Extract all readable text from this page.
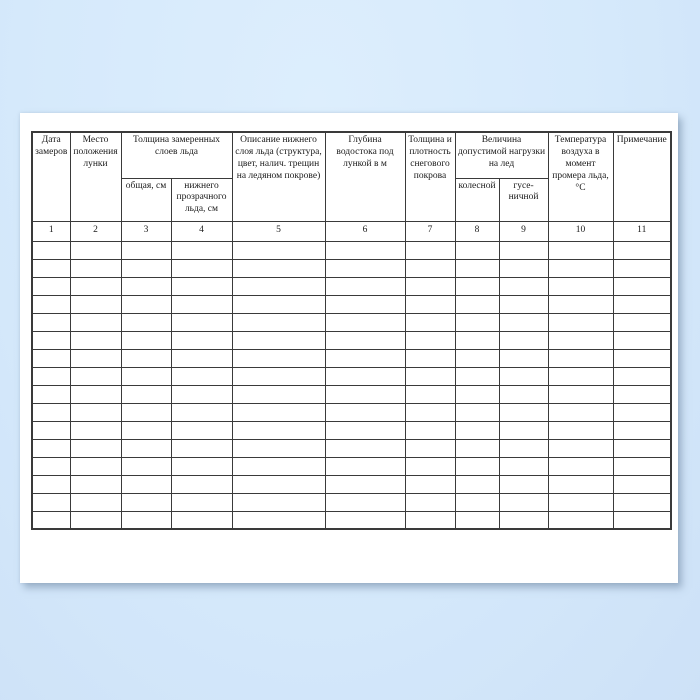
Дата замеров	Место положения лунки	Толщина замеренных слоев льда		Описание нижнего слоя льда (структура, цвет, налич. трещин на ледяном покрове)	Глубина водостока под лункой в м	Толщина и плотность снегового покрова	Величина допустимой нагрузки на лед		Температура воздуха в момент промера льда, °С	Примечание
		общая, см	нижнего прозрачного льда, см				колесной	гусе-ничной		
1	2	3	4	5	6	7	8	9	10	11
